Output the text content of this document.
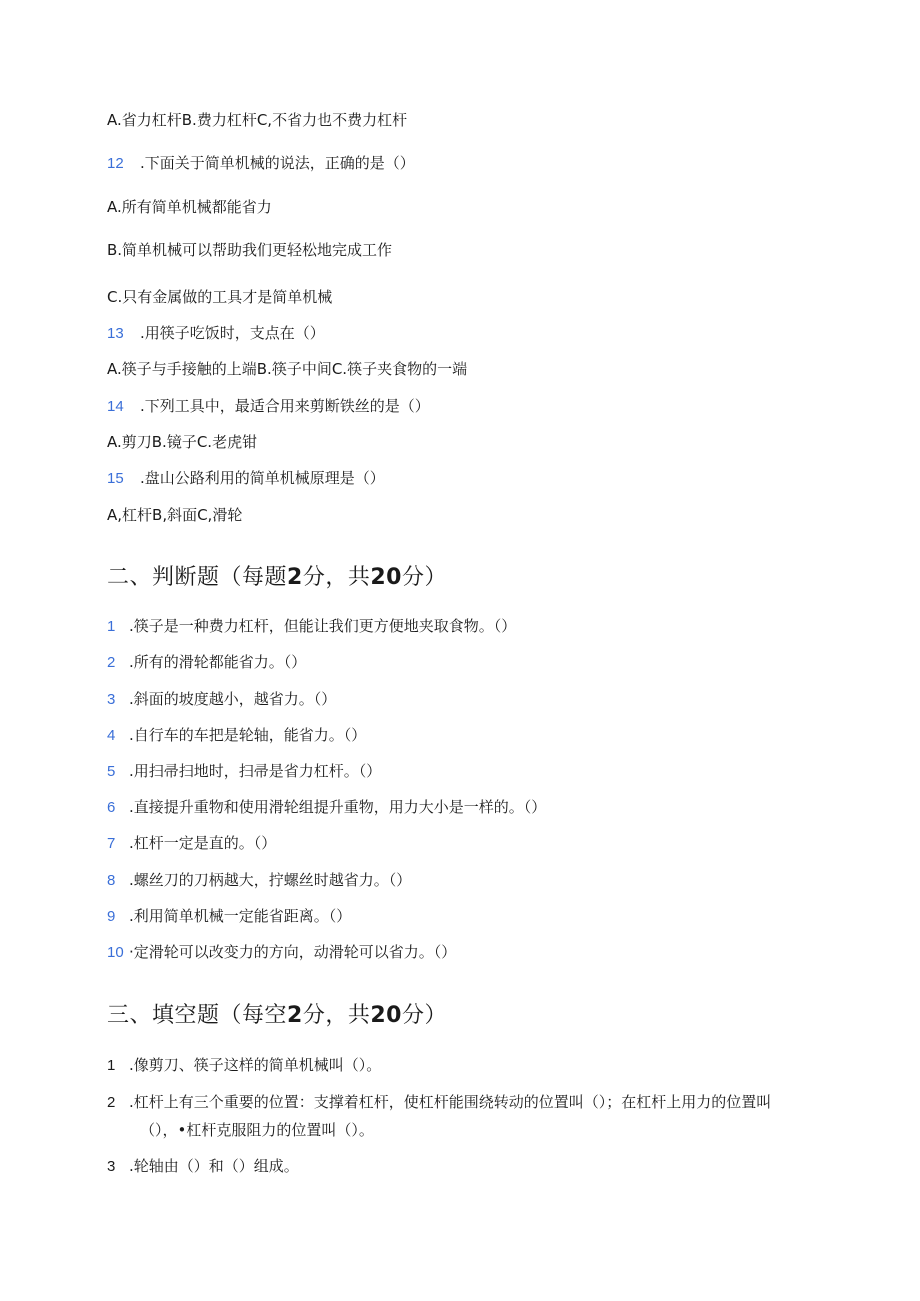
A.省力杠杆B.费力杠杆C,不省力也不费力杠杆
12 .下面关于简单机械的说法，正确的是（）
A.所有简单机械都能省力
B.简单机械可以帮助我们更轻松地完成工作
C.只有金属做的工具才是简单机械
13 .用筷子吃饭时，支点在（）
A.筷子与手接触的上端B.筷子中间C.筷子夹食物的一端
14 .下列工具中，最适合用来剪断铁丝的是（）
A.剪刀B.镜子C.老虎钳
15 .盘山公路利用的简单机械原理是（）
A,杠杆B,斜面C,滑轮
二、判断题（每题2分，共20分）
1 .筷子是一种费力杠杆，但能让我们更方便地夹取食物。（）
2 .所有的滑轮都能省力。（）
3 .斜面的坡度越小，越省力。（）
4 .自行车的车把是轮轴，能省力。（）
5 .用扫帚扫地时，扫帚是省力杠杆。（）
6 .直接提升重物和使用滑轮组提升重物，用力大小是一样的。（）
7 .杠杆一定是直的。（）
8 .螺丝刀的刀柄越大，拧螺丝时越省力。（）
9 .利用简单机械一定能省距离。（）
10 ·定滑轮可以改变力的方向，动滑轮可以省力。（）
三、填空题（每空2分，共20分）
1 .像剪刀、筷子这样的简单机械叫（）。
2 .杠杆上有三个重要的位置：支撑着杠杆，使杠杆能围绕转动的位置叫（）；在杠杆上用力的位置叫
（），•杠杆克服阻力的位置叫（）。
3 .轮轴由（）和（）组成。
